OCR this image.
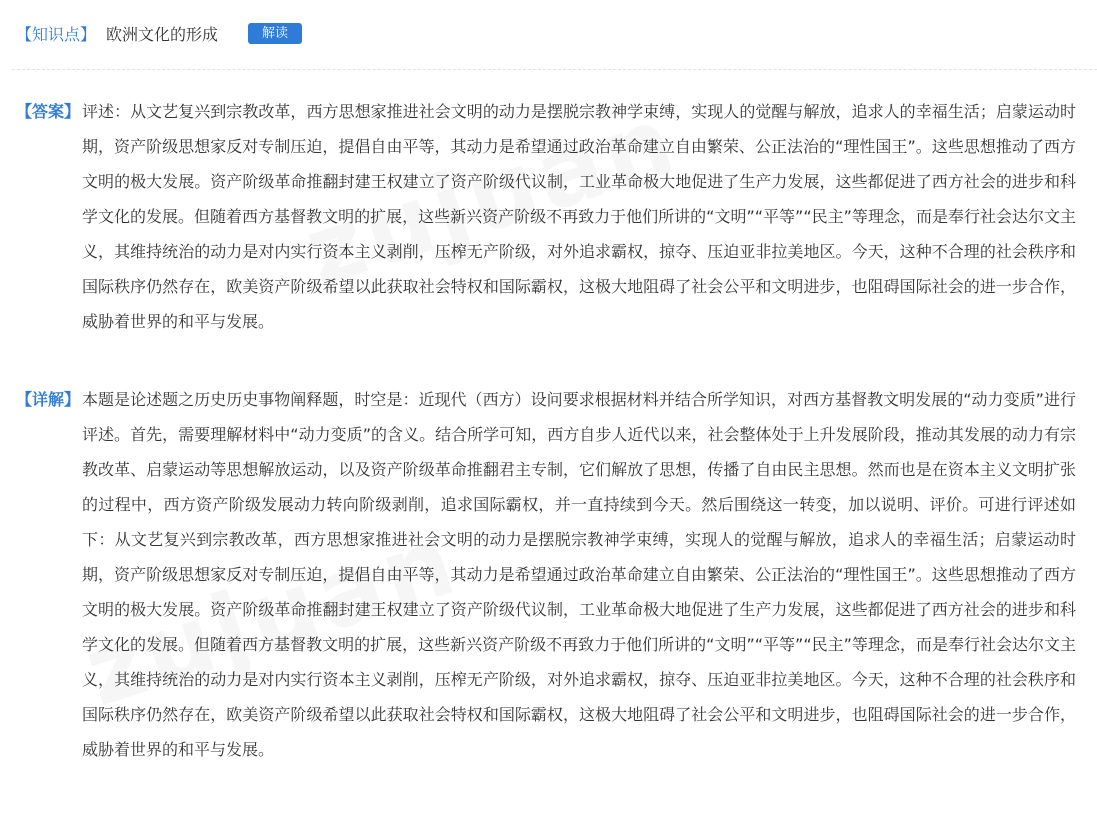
【知识点】 欧洲文化的形成	解读
【答案】 评述：从文艺复兴到宗教改革，西方思想家推进社会文明的动力是摆脱宗教神学束缚，实现人的觉醒与解放，追求人的幸福生活；启蒙运动时期，资产阶级思想家反对专制压迫，提倡自由平等，其动力是希望通过政治革命建立自由繁荣、公正法治的“理性国王”。这些思想推动了西方文明的极大发展。资产阶级革命推翻封建王权建立了资产阶级代议制，工业革命极大地促进了生产力发展，这些都促进了西方社会的进步和科学文化的发展。但随着西方基督教文明的扩展，这些新兴资产阶级不再致力于他们所讲的“文明”“平等”“民主”等理念，而是奉行社会达尔文主义，其维持统治的动力是对内实行资本主义剥削，压榨无产阶级，对外追求霸权，掠夺、压迫亚非拉美地区。今天，这种不合理的社会秩序和国际秩序仍然存在，欧美资产阶级希望以此获取社会特权和国际霸权，这极大地阻碍了社会公平和文明进步，也阻碍国际社会的进一步合作，威胁着世界的和平与发展。
【详解】 本题是论述题之历史历史事物阐释题，时空是：近现代（西方）设问要求根据材料并结合所学知识，对西方基督教文明发展的“动力变质”进行评述。首先，需要理解材料中“动力变质”的含义。结合所学可知，西方自步人近代以来，社会整体处于上升发展阶段，推动其发展的动力有宗教改革、启蒙运动等思想解放运动，以及资产阶级革命推翻君主专制，它们解放了思想，传播了自由民主思想。然而也是在资本主义文明扩张的过程中，西方资产阶级发展动力转向阶级剥削，追求国际霸权，并一直持续到今天。然后围绕这一转变，加以说明、评价。可进行评述如下：从文艺复兴到宗教改革，西方思想家推进社会文明的动力是摆脱宗教神学束缚，实现人的觉醒与解放，追求人的幸福生活；启蒙运动时期，资产阶级思想家反对专制压迫，提倡自由平等，其动力是希望通过政治革命建立自由繁荣、公正法治的“理性国王”。这些思想推动了西方文明的极大发展。资产阶级革命推翻封建王权建立了资产阶级代议制，工业革命极大地促进了生产力发展，这些都促进了西方社会的进步和科学文化的发展。但随着西方基督教文明的扩展，这些新兴资产阶级不再致力于他们所讲的“文明”“平等”“民主”等理念，而是奉行社会达尔文主义，其维持统治的动力是对内实行资本主义剥削，压榨无产阶级，对外追求霸权，掠夺、压迫亚非拉美地区。今天，这种不合理的社会秩序和国际秩序仍然存在，欧美资产阶级希望以此获取社会特权和国际霸权，这极大地阻碍了社会公平和文明进步，也阻碍国际社会的进一步合作，威胁着世界的和平与发展。
